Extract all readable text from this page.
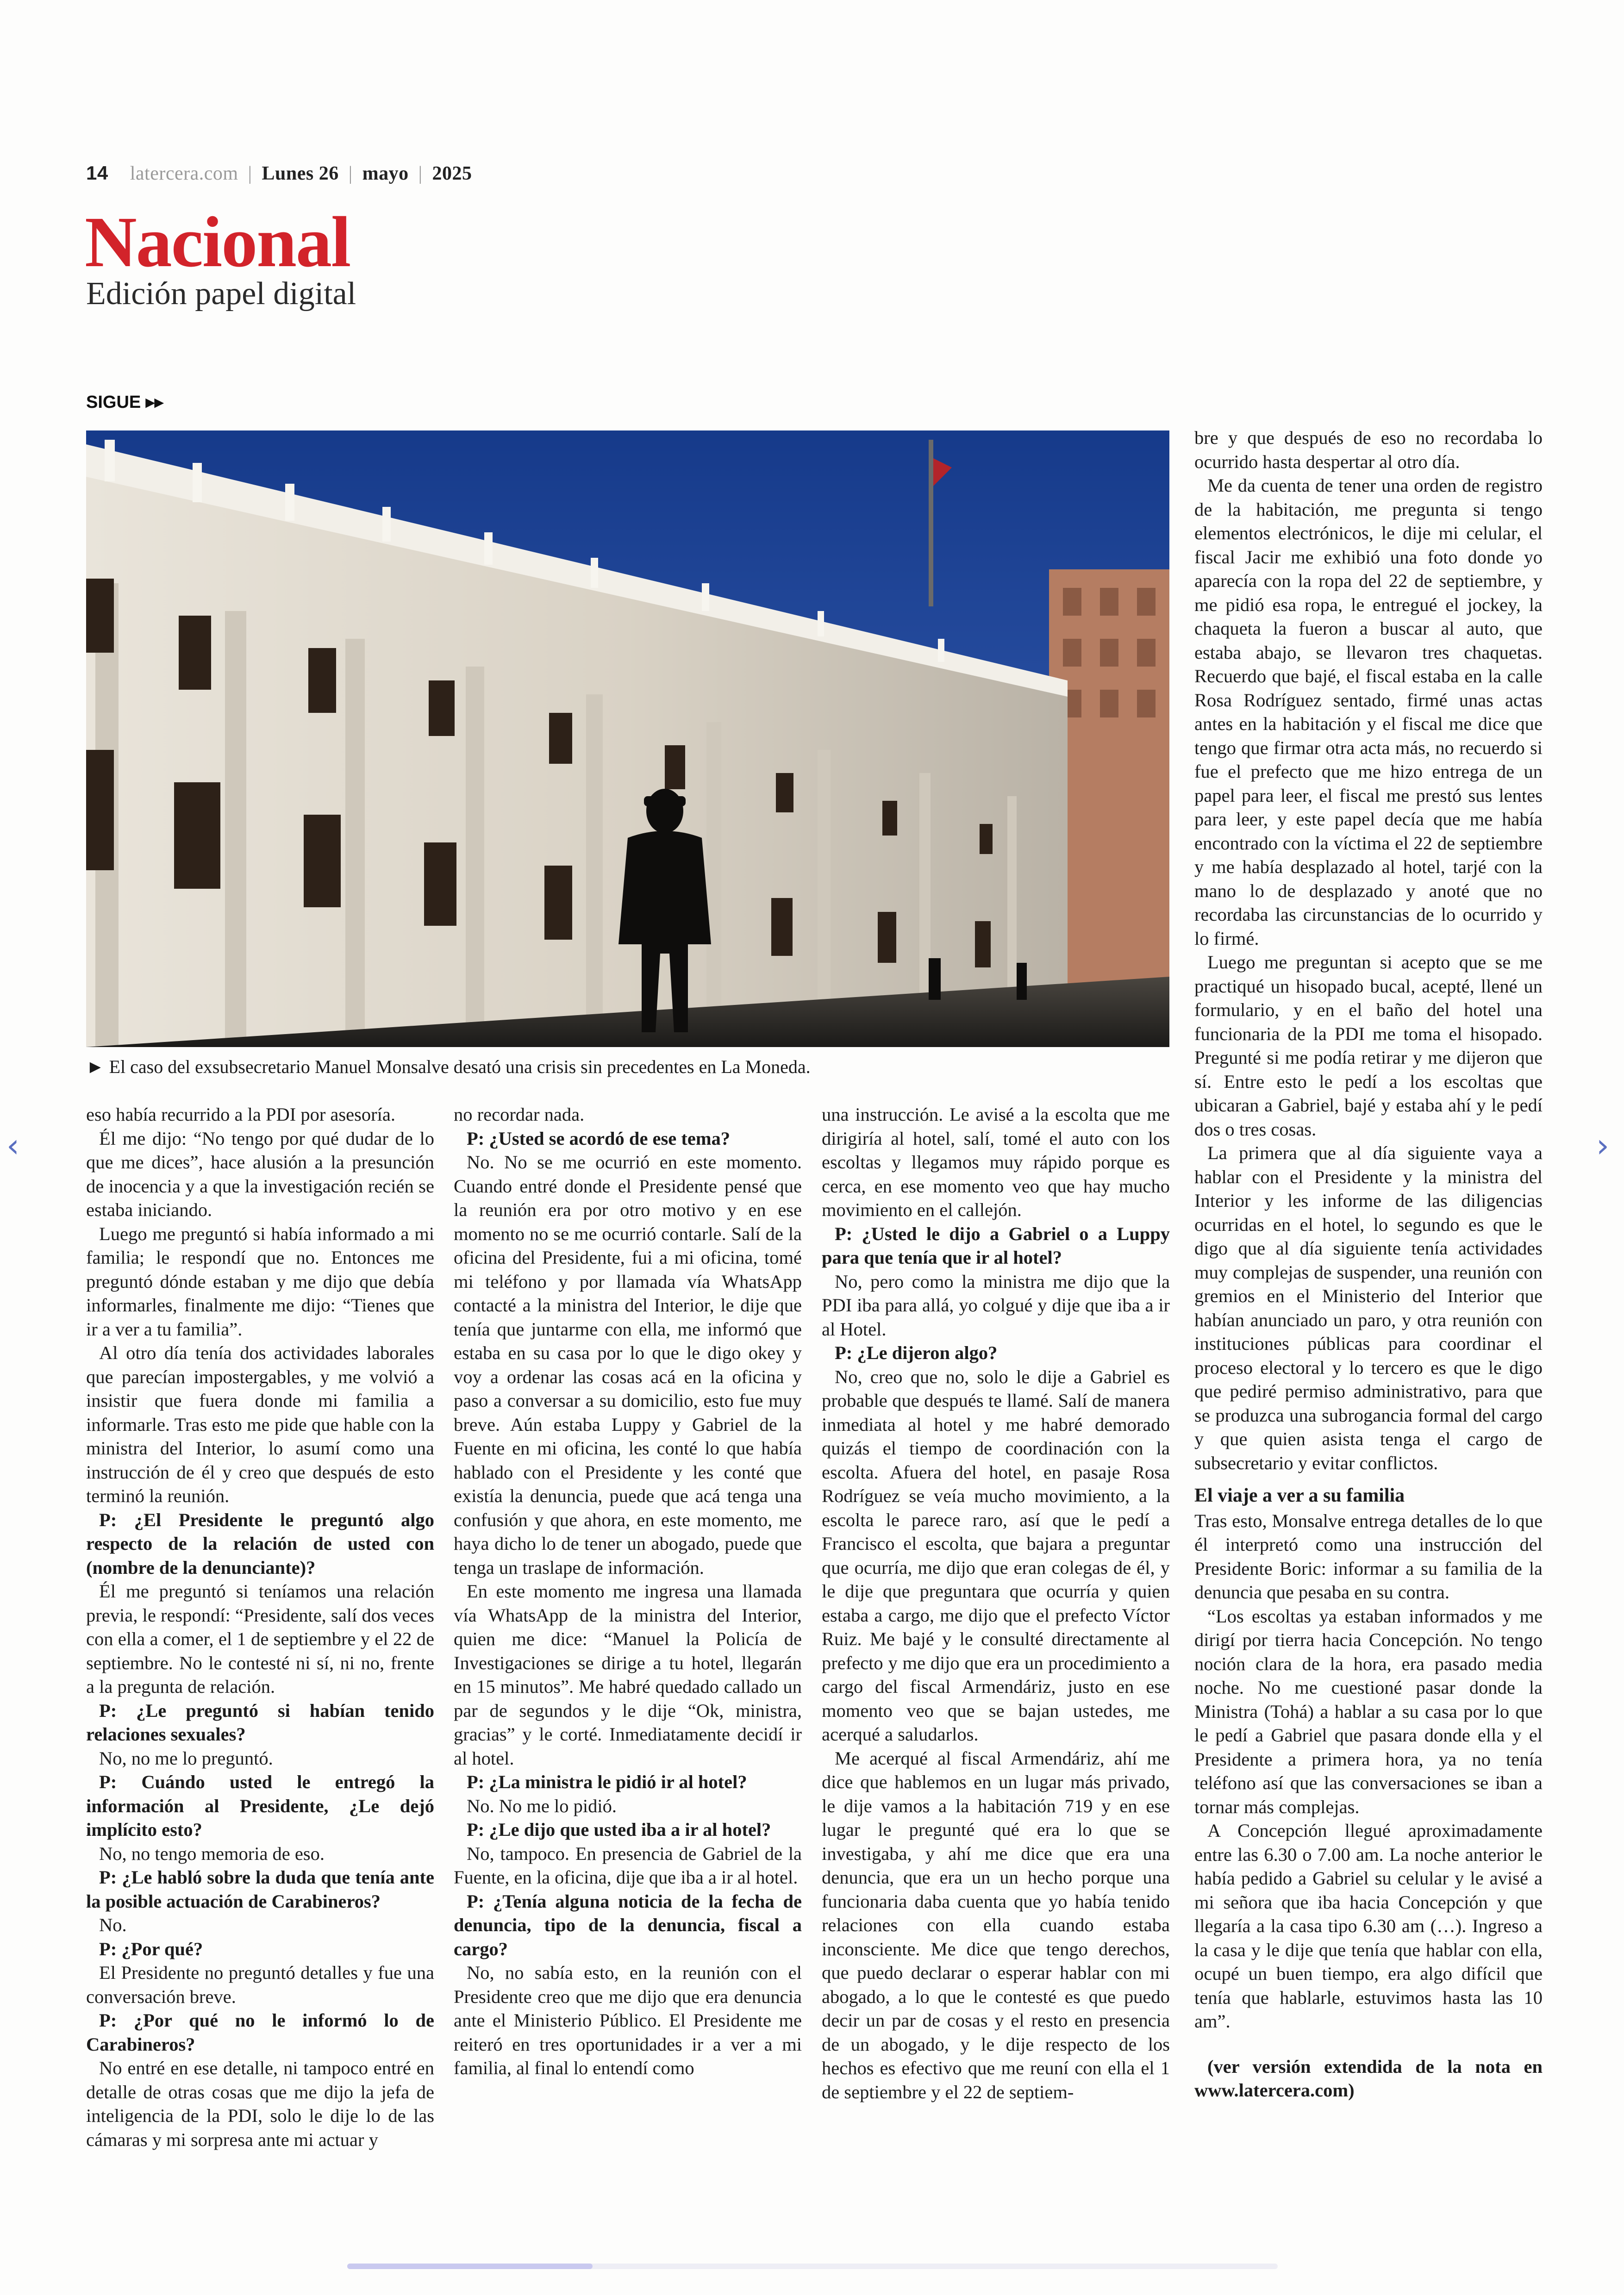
14 latercera.com | Lunes 26 | mayo | 2025
Nacional
Edición papel digital
SIGUE ▸▸
► El caso del exsubsecretario Manuel Monsalve desató una crisis sin precedentes en La Moneda.

eso había recurrido a la PDI por asesoría.

Él me dijo: “No tengo por qué dudar de lo que me dices”, hace alusión a la presunción de inocencia y a que la investigación recién se estaba iniciando.

Luego me preguntó si había informado a mi familia; le respondí que no. Entonces me preguntó dónde estaban y me dijo que debía informarles, finalmente me dijo: “Tienes que ir a ver a tu familia”.

Al otro día tenía dos actividades laborales que parecían impostergables, y me volvió a insistir que fuera donde mi familia a informarle. Tras esto me pide que hable con la ministra del Interior, lo asumí como una instrucción de él y creo que después de esto terminó la reunión.

P: ¿El Presidente le preguntó algo respecto de la relación de usted con (nombre de la denunciante)?

Él me preguntó si teníamos una relación previa, le respondí: “Presidente, salí dos veces con ella a comer, el 1 de septiembre y el 22 de septiembre. No le contesté ni sí, ni no, frente a la pregunta de relación.

P: ¿Le preguntó si habían tenido relaciones sexuales?

No, no me lo preguntó.

P: Cuándo usted le entregó la información al Presidente, ¿Le dejó implícito esto?

No, no tengo memoria de eso.

P: ¿Le habló sobre la duda que tenía ante la posible actuación de Carabineros?

No.

P: ¿Por qué?

El Presidente no preguntó detalles y fue una conversación breve.

P: ¿Por qué no le informó lo de Carabineros?

No entré en ese detalle, ni tampoco entré en detalle de otras cosas que me dijo la jefa de inteligencia de la PDI, solo le dije lo de las cámaras y mi sorpresa ante mi actuar y

no recordar nada.

P: ¿Usted se acordó de ese tema?

No. No se me ocurrió en este momento. Cuando entré donde el Presidente pensé que la reunión era por otro motivo y en ese momento no se me ocurrió contarle. Salí de la oficina del Presidente, fui a mi oficina, tomé mi teléfono y por llamada vía WhatsApp contacté a la ministra del Interior, le dije que tenía que juntarme con ella, me informó que estaba en su casa por lo que le digo okey y voy a ordenar las cosas acá en la oficina y paso a conversar a su domicilio, esto fue muy breve. Aún estaba Luppy y Gabriel de la Fuente en mi oficina, les conté lo que había hablado con el Presidente y les conté que existía la denuncia, puede que acá tenga una confusión y que ahora, en este momento, me haya dicho lo de tener un abogado, puede que tenga un traslape de información.

En este momento me ingresa una llamada vía WhatsApp de la ministra del Interior, quien me dice: “Manuel la Policía de Investigaciones se dirige a tu hotel, llegarán en 15 minutos”. Me habré quedado callado un par de segundos y le dije “Ok, ministra, gracias” y le corté. Inmediatamente decidí ir al hotel.

P: ¿La ministra le pidió ir al hotel?

No. No me lo pidió.

P: ¿Le dijo que usted iba a ir al hotel?

No, tampoco. En presencia de Gabriel de la Fuente, en la oficina, dije que iba a ir al hotel.

P: ¿Tenía alguna noticia de la fecha de denuncia, tipo de la denuncia, fiscal a cargo?

No, no sabía esto, en la reunión con el Presidente creo que me dijo que era denuncia ante el Ministerio Público. El Presidente me reiteró en tres oportunidades ir a ver a mi familia, al final lo entendí como

una instrucción. Le avisé a la escolta que me dirigiría al hotel, salí, tomé el auto con los escoltas y llegamos muy rápido porque es cerca, en ese momento veo que hay mucho movimiento en el callejón.

P: ¿Usted le dijo a Gabriel o a Luppy para que tenía que ir al hotel?

No, pero como la ministra me dijo que la PDI iba para allá, yo colgué y dije que iba a ir al Hotel.

P: ¿Le dijeron algo?

No, creo que no, solo le dije a Gabriel es probable que después te llamé. Salí de manera inmediata al hotel y me habré demorado quizás el tiempo de coordinación con la escolta. Afuera del hotel, en pasaje Rosa Rodríguez se veía mucho movimiento, a la escolta le parece raro, así que le pedí a Francisco el escolta, que bajara a preguntar que ocurría, me dijo que eran colegas de él, y le dije que preguntara que ocurría y quien estaba a cargo, me dijo que el prefecto Víctor Ruiz. Me bajé y le consulté directamente al prefecto y me dijo que era un procedimiento a cargo del fiscal Armendáriz, justo en ese momento veo que se bajan ustedes, me acerqué a saludarlos.

Me acerqué al fiscal Armendáriz, ahí me dice que hablemos en un lugar más privado, le dije vamos a la habitación 719 y en ese lugar le pregunté qué era lo que se investigaba, y ahí me dice que era una denuncia, que era un un hecho porque una funcionaria daba cuenta que yo había tenido relaciones con ella cuando estaba inconsciente. Me dice que tengo derechos, que puedo declarar o esperar hablar con mi abogado, a lo que le contesté es que puedo decir un par de cosas y el resto en presencia de un abogado, y le dije respecto de los hechos es efectivo que me reuní con ella el 1 de septiembre y el 22 de septiem-

bre y que después de eso no recordaba lo ocurrido hasta despertar al otro día.

Me da cuenta de tener una orden de registro de la habitación, me pregunta si tengo elementos electrónicos, le dije mi celular, el fiscal Jacir me exhibió una foto donde yo aparecía con la ropa del 22 de septiembre, y me pidió esa ropa, le entregué el jockey, la chaqueta la fueron a buscar al auto, que estaba abajo, se llevaron tres chaquetas. Recuerdo que bajé, el fiscal estaba en la calle Rosa Rodríguez sentado, firmé unas actas antes en la habitación y el fiscal me dice que tengo que firmar otra acta más, no recuerdo si fue el prefecto que me hizo entrega de un papel para leer, el fiscal me prestó sus lentes para leer, y este papel decía que me había encontrado con la víctima el 22 de septiembre y me había desplazado al hotel, tarjé con la mano lo de desplazado y anoté que no recordaba las circunstancias de lo ocurrido y lo firmé.

Luego me preguntan si acepto que se me practiqué un hisopado bucal, acepté, llené un formulario, y en el baño del hotel una funcionaria de la PDI me toma el hisopado. Pregunté si me podía retirar y me dijeron que sí. Entre esto le pedí a los escoltas que ubicaran a Gabriel, bajé y estaba ahí y le pedí dos o tres cosas.

La primera que al día siguiente vaya a hablar con el Presidente y la ministra del Interior y les informe de las diligencias ocurridas en el hotel, lo segundo es que le digo que al día siguiente tenía actividades muy complejas de suspender, una reunión con gremios en el Ministerio del Interior que habían anunciado un paro, y otra reunión con instituciones públicas para coordinar el proceso electoral y lo tercero es que le digo que pediré permiso administrativo, para que se produzca una subrogancia formal del cargo y que quien asista tenga el cargo de subsecretario y evitar conflictos.

El viaje a ver a su familia

Tras esto, Monsalve entrega detalles de lo que él interpretó como una instrucción del Presidente Boric: informar a su familia de la denuncia que pesaba en su contra.

“Los escoltas ya estaban informados y me dirigí por tierra hacia Concepción. No tengo noción clara de la hora, era pasado media noche. No me cuestioné pasar donde la Ministra (Tohá) a hablar a su casa por lo que le pedí a Gabriel que pasara donde ella y el Presidente a primera hora, ya no tenía teléfono así que las conversaciones se iban a tornar más complejas.

A Concepción llegué aproximadamente entre las 6.30 o 7.00 am. La noche anterior le había pedido a Gabriel su celular y le avisé a mi señora que iba hacia Concepción y que llegaría a la casa tipo 6.30 am (…). Ingreso a la casa y le dije que tenía que hablar con ella, ocupé un buen tiempo, era algo difícil que tenía que hablarle, estuvimos hasta las 10 am”.

(ver versión extendida de la nota en www.latercera.com)

‹	›
